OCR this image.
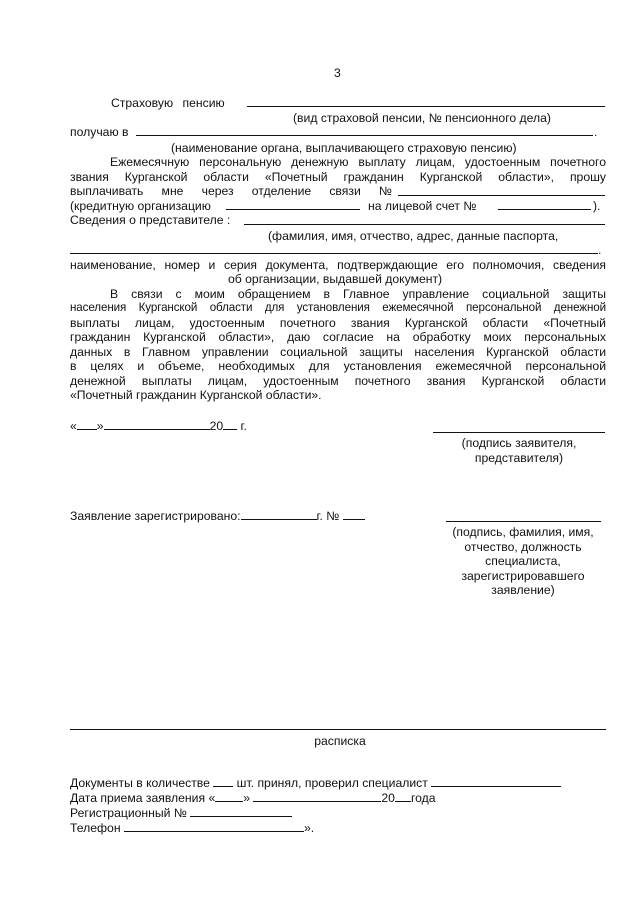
3
Страховую пенсию
(вид страховой пенсии, № пенсионного дела)
получаю в	.
(наименование органа, выплачивающего страховую пенсию)
Ежемесячную персональную денежную выплату лицам, удостоенным почетного
звания Курганской области «Почетный гражданин Курганской области», прошу
выплачивать мне через отделение связи №
(кредитную организацию	на лицевой счет №	).
Сведения о представителе :
(фамилия, имя, отчество, адрес, данные паспорта,
.
наименование, номер и серия документа, подтверждающие его полномочия, сведения
об организации, выдавшей документ)
В связи с моим обращением в Главное управление социальной защиты
населения Курганской области для установления ежемесячной персональной денежной
выплаты лицам, удостоенным почетного звания Курганской области «Почетный
гражданин Курганской области», даю согласие на обработку моих персональных
данных в Главном управлении социальной защиты населения Курганской области
в целях и объеме, необходимых для установления ежемесячной персональной
денежной выплаты лицам, удостоенным почетного звания Курганской области
«Почетный гражданин Курганской области».
« »	20 г.
(подпись заявителя,
представителя)
Заявление зарегистрировано:	г. №
(подпись, фамилия, имя,
отчество, должность
специалиста,
зарегистрировавшего
заявление)
расписка
Документы в количестве шт. принял, проверил специалист
Дата приема заявления « »	20 года
Регистрационный №
Телефон	».
